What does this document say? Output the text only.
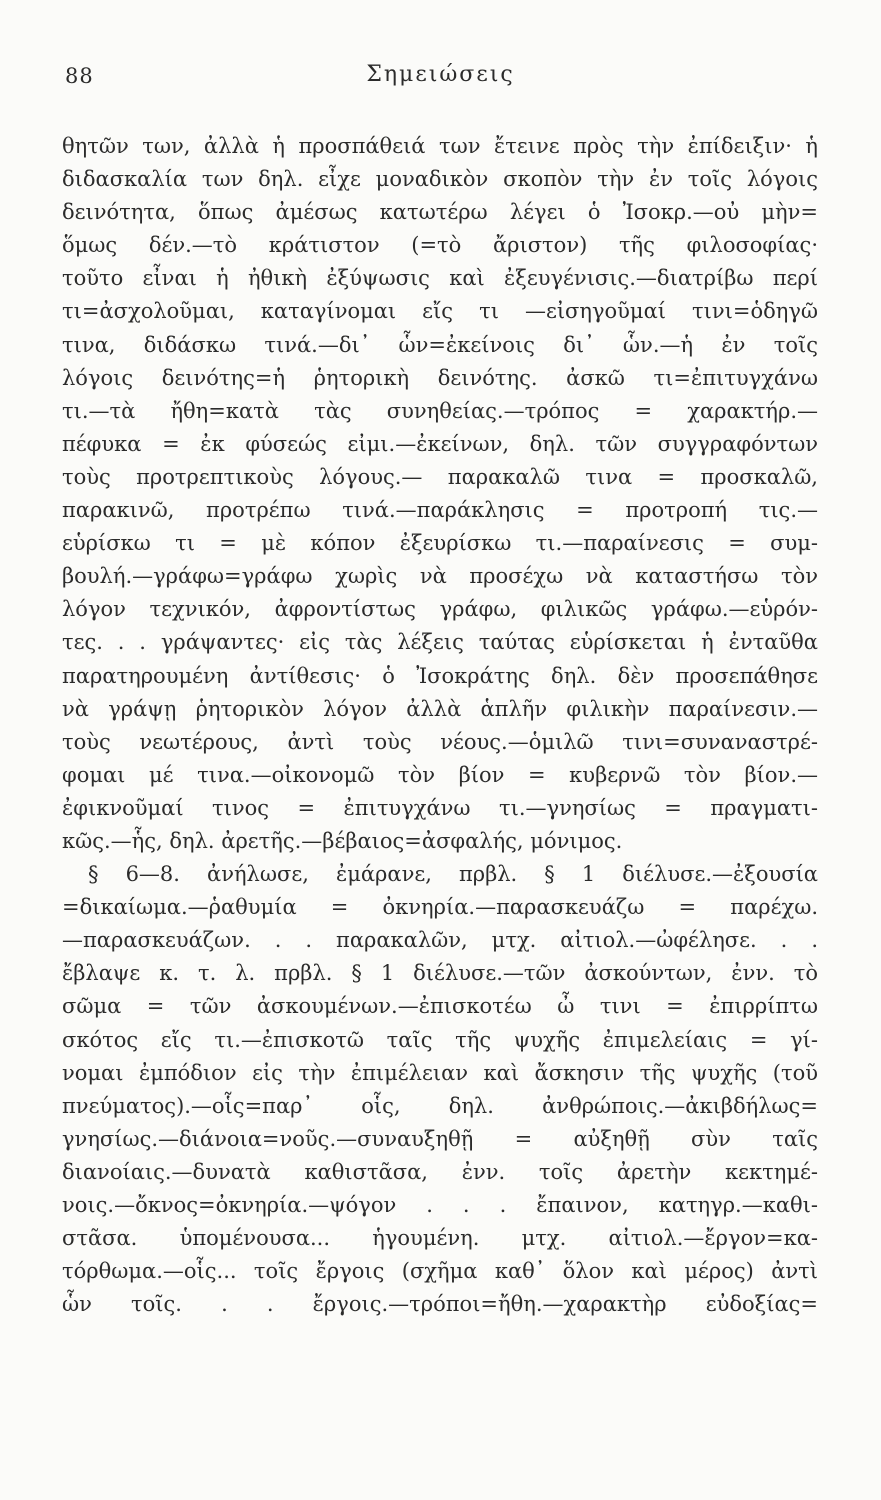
88	Σημειώσεις
θητῶν των, ἀλλὰ ἡ προσπάθειά των ἔτεινε πρὸς τὴν ἐπίδειξιν· ἡ
διδασκαλία των δηλ. εἶχε μοναδικὸν σκοπὸν τὴν ἐν τοῖς λόγοις
δεινότητα, ὅπως ἀμέσως κατωτέρω λέγει ὁ Ἰσοκρ.—οὐ μὴν=
ὅμως δέν.—τὸ κράτιστον (=τὸ ἄριστον) τῆς φιλοσοφίας·
τοῦτο εἶναι ἡ ἠθικὴ ἐξύψωσις καὶ ἐξευγένισις.—διατρίβω περί
τι=ἀσχολοῦμαι, καταγίνομαι εἴς τι —εἰσηγοῦμαί τινι=ὁδηγῶ
τινα, διδάσκω τινά.—δι᾿ ὧν=ἐκείνοις δι᾿ ὧν.—ἡ ἐν τοῖς
λόγοις δεινότης=ἡ ῥητορικὴ δεινότης. ἀσκῶ τι=ἐπιτυγχάνω
τι.—τὰ ἤθη=κατὰ τὰς συνηθείας.—τρόπος = χαρακτήρ.—
πέφυκα = ἐκ φύσεώς εἰμι.—ἐκείνων, δηλ. τῶν συγγραφόντων
τοὺς προτρεπτικοὺς λόγους.— παρακαλῶ τινα = προσκαλῶ,
παρακινῶ, προτρέπω τινά.—παράκλησις = προτροπή τις.—
εὑρίσκω τι = μὲ κόπον ἐξευρίσκω τι.—παραίνεσις = συμ-
βουλή.—γράφω=γράφω χωρὶς νὰ προσέχω νὰ καταστήσω τὸν
λόγον τεχνικόν, ἀφροντίστως γράφω, φιλικῶς γράφω.—εὑρόν-
τες. . . γράψαντες· εἰς τὰς λέξεις ταύτας εὑρίσκεται ἡ ἐνταῦθα
παρατηρουμένη ἀντίθεσις· ὁ Ἰσοκράτης δηλ. δὲν προσεπάθησε
νὰ γράψῃ ῥητορικὸν λόγον ἀλλὰ ἁπλῆν φιλικὴν παραίνεσιν.—
τοὺς νεωτέρους, ἀντὶ τοὺς νέους.—ὁμιλῶ τινι=συναναστρέ-
φομαι μέ τινα.—οἰκονομῶ τὸν βίον = κυβερνῶ τὸν βίον.—
ἐφικνοῦμαί τινος = ἐπιτυγχάνω τι.—γνησίως = πραγματι-
κῶς.—ἧς, δηλ. ἀρετῆς.—βέβαιος=ἀσφαλής, μόνιμος.
§ 6—8. ἀνήλωσε, ἐμάρανε, πρβλ. § 1 διέλυσε.—ἐξουσία
=δικαίωμα.—ῥαθυμία = ὀκνηρία.—παρασκευάζω = παρέχω.
—παρασκευάζων. . . παρακαλῶν, μτχ. αἰτιολ.—ὠφέλησε. . .
ἔβλαψε κ. τ. λ. πρβλ. § 1 διέλυσε.—τῶν ἀσκούντων, ἐνν. τὸ
σῶμα = τῶν ἀσκουμένων.—ἐπισκοτέω ὦ τινι = ἐπιρρίπτω
σκότος εἴς τι.—ἐπισκοτῶ ταῖς τῆς ψυχῆς ἐπιμελείαις = γί-
νομαι ἐμπόδιον εἰς τὴν ἐπιμέλειαν καὶ ἄσκησιν τῆς ψυχῆς (τοῦ
πνεύματος).—οἷς=παρ᾿ οἷς, δηλ. ἀνθρώποις.—ἀκιβδήλως=
γνησίως.—διάνοια=νοῦς.—συναυξηθῇ = αὐξηθῇ σὺν ταῖς
διανοίαις.—δυνατὰ καθιστᾶσα, ἐνν. τοῖς ἀρετὴν κεκτημέ-
νοις.—ὄκνος=ὀκνηρία.—ψόγον . . . ἔπαινον, κατηγρ.—καθι-
στᾶσα. ὑπομένουσα... ἡγουμένη. μτχ. αἰτιολ.—ἔργον=κα-
τόρθωμα.—οἷς... τοῖς ἔργοις (σχῆμα καθ᾿ ὅλον καὶ μέρος) ἀντὶ
ὧν τοῖς. . . ἔργοις.—τρόποι=ἤθη.—χαρακτὴρ εὐδοξίας=
